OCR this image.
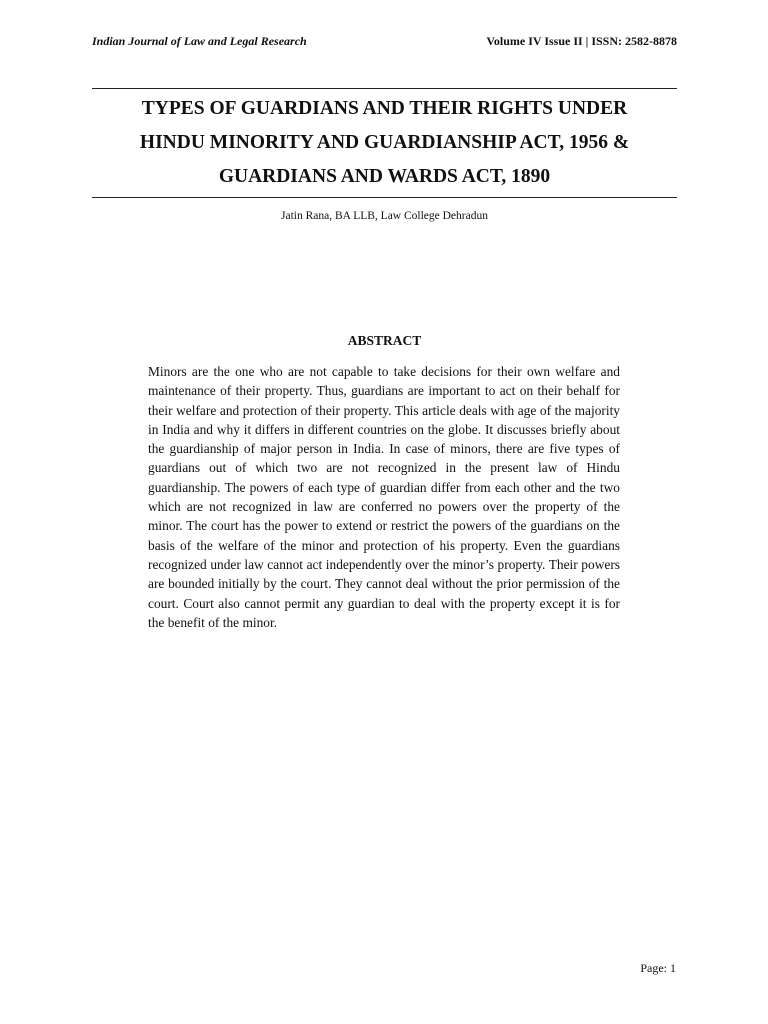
Indian Journal of Law and Legal Research	Volume IV Issue II | ISSN: 2582-8878
TYPES OF GUARDIANS AND THEIR RIGHTS UNDER
HINDU MINORITY AND GUARDIANSHIP ACT, 1956 &
GUARDIANS AND WARDS ACT, 1890
Jatin Rana, BA LLB, Law College Dehradun
ABSTRACT
Minors are the one who are not capable to take decisions for their own welfare and maintenance of their property. Thus, guardians are important to act on their behalf for their welfare and protection of their property. This article deals with age of the majority in India and why it differs in different countries on the globe. It discusses briefly about the guardianship of major person in India. In case of minors, there are five types of guardians out of which two are not recognized in the present law of Hindu guardianship. The powers of each type of guardian differ from each other and the two which are not recognized in law are conferred no powers over the property of the minor. The court has the power to extend or restrict the powers of the guardians on the basis of the welfare of the minor and protection of his property. Even the guardians recognized under law cannot act independently over the minor’s property. Their powers are bounded initially by the court. They cannot deal without the prior permission of the court. Court also cannot permit any guardian to deal with the property except it is for the benefit of the minor.
Page: 1
